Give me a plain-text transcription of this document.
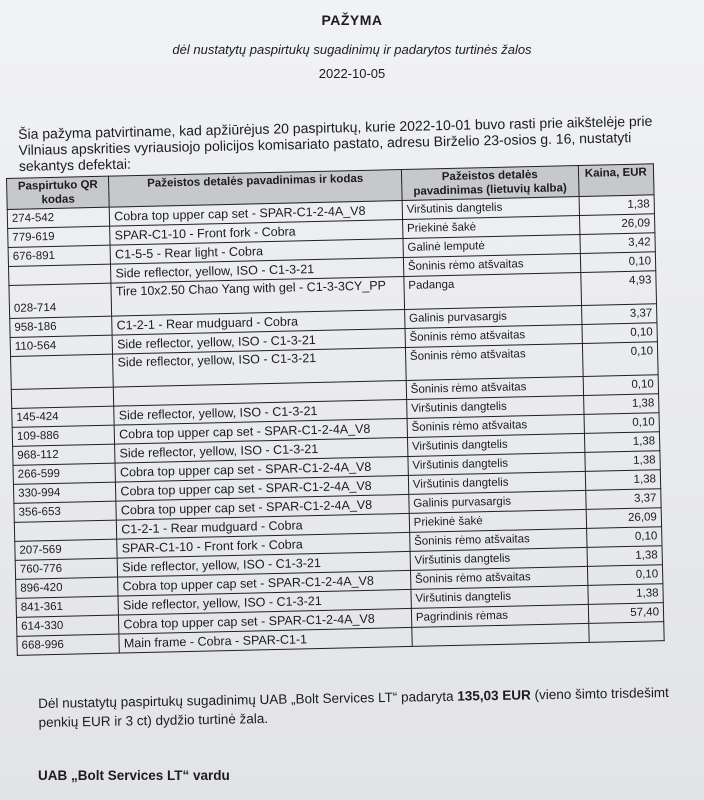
PAŽYMA
dėl nustatytų paspirtukų sugadinimų ir padarytos turtinės žalos
2022-10-05
Šia pažyma patvirtiname, kad apžiūrėjus 20 paspirtukų, kurie 2022-10-01 buvo rasti prie aikštelėje prie Vilniaus apskrities vyriausiojo policijos komisariato pastato, adresu Birželio 23-osios g. 16, nustatyti sekantys defektai:
Paspirtuko QR kodas	Pažeistos detalės pavadinimas ir kodas	Pažeistos detalės pavadinimas (lietuvių kalba)	Kaina, EUR
274-542	Cobra top upper cap set - SPAR-C1-2-4A_V8	Viršutinis dangtelis	1,38
779-619	SPAR-C1-10 - Front fork - Cobra	Priekinė šakė	26,09
676-891	C1-5-5 - Rear light - Cobra	Galinė lemputė	3,42
	Side reflector, yellow, ISO - C1-3-21	Šoninis rėmo atšvaitas	0,10
028-714	Tire 10x2.50 Chao Yang with gel - C1-3-3CY_PP	Padanga	4,93
958-186	C1-2-1 - Rear mudguard - Cobra	Galinis purvasargis	3,37
110-564	Side reflector, yellow, ISO - C1-3-21	Šoninis rėmo atšvaitas	0,10
	Side reflector, yellow, ISO - C1-3-21	Šoninis rėmo atšvaitas	0,10
		Šoninis rėmo atšvaitas	0,10
145-424	Side reflector, yellow, ISO - C1-3-21	Viršutinis dangtelis	1,38
109-886	Cobra top upper cap set - SPAR-C1-2-4A_V8	Šoninis rėmo atšvaitas	0,10
968-112	Side reflector, yellow, ISO - C1-3-21	Viršutinis dangtelis	1,38
266-599	Cobra top upper cap set - SPAR-C1-2-4A_V8	Viršutinis dangtelis	1,38
330-994	Cobra top upper cap set - SPAR-C1-2-4A_V8	Viršutinis dangtelis	1,38
356-653	Cobra top upper cap set - SPAR-C1-2-4A_V8	Galinis purvasargis	3,37
	C1-2-1 - Rear mudguard - Cobra	Priekinė šakė	26,09
207-569	SPAR-C1-10 - Front fork - Cobra	Šoninis rėmo atšvaitas	0,10
760-776	Side reflector, yellow, ISO - C1-3-21	Viršutinis dangtelis	1,38
896-420	Cobra top upper cap set - SPAR-C1-2-4A_V8	Šoninis rėmo atšvaitas	0,10
841-361	Side reflector, yellow, ISO - C1-3-21	Viršutinis dangtelis	1,38
614-330	Cobra top upper cap set - SPAR-C1-2-4A_V8	Pagrindinis rėmas	57,40
668-996	Main frame - Cobra - SPAR-C1-1		
Dėl nustatytų paspirtukų sugadinimų UAB „Bolt Services LT“ padaryta 135,03 EUR (vieno šimto trisdešimt penkių EUR ir 3 ct) dydžio turtinė žala.
UAB „Bolt Services LT“ vardu
